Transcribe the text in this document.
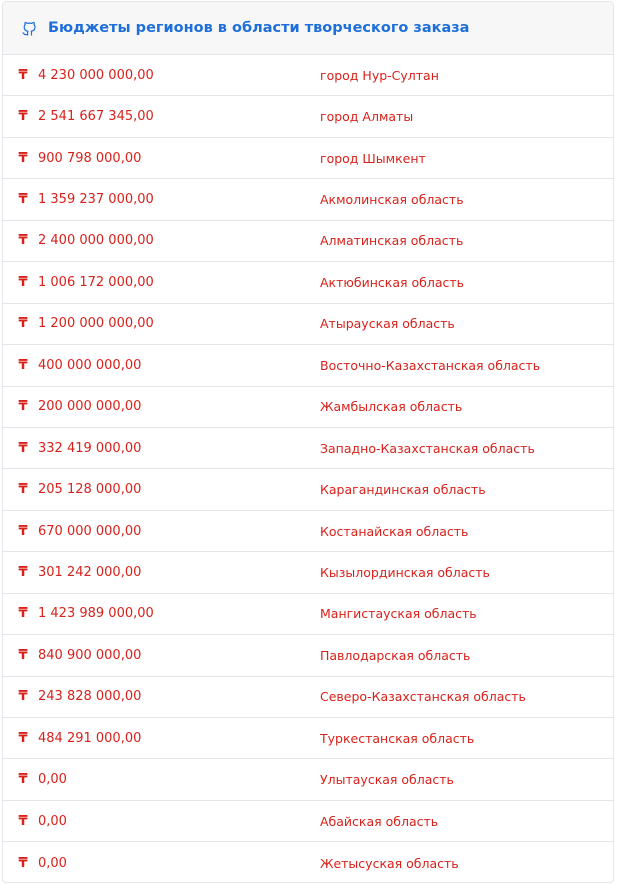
Бюджеты регионов в области творческого заказа
₸ 4 230 000 000,00	город Нур-Султан
₸ 2 541 667 345,00	город Алматы
₸ 900 798 000,00	город Шымкент
₸ 1 359 237 000,00	Акмолинская область
₸ 2 400 000 000,00	Алматинская область
₸ 1 006 172 000,00	Актюбинская область
₸ 1 200 000 000,00	Атырауская область
₸ 400 000 000,00	Восточно-Казахстанская область
₸ 200 000 000,00	Жамбылская область
₸ 332 419 000,00	Западно-Казахстанская область
₸ 205 128 000,00	Карагандинская область
₸ 670 000 000,00	Костанайская область
₸ 301 242 000,00	Кызылординская область
₸ 1 423 989 000,00	Мангистауская область
₸ 840 900 000,00	Павлодарская область
₸ 243 828 000,00	Северо-Казахстанская область
₸ 484 291 000,00	Туркестанская область
₸ 0,00	Улытауская область
₸ 0,00	Абайская область
₸ 0,00	Жетысуская область
